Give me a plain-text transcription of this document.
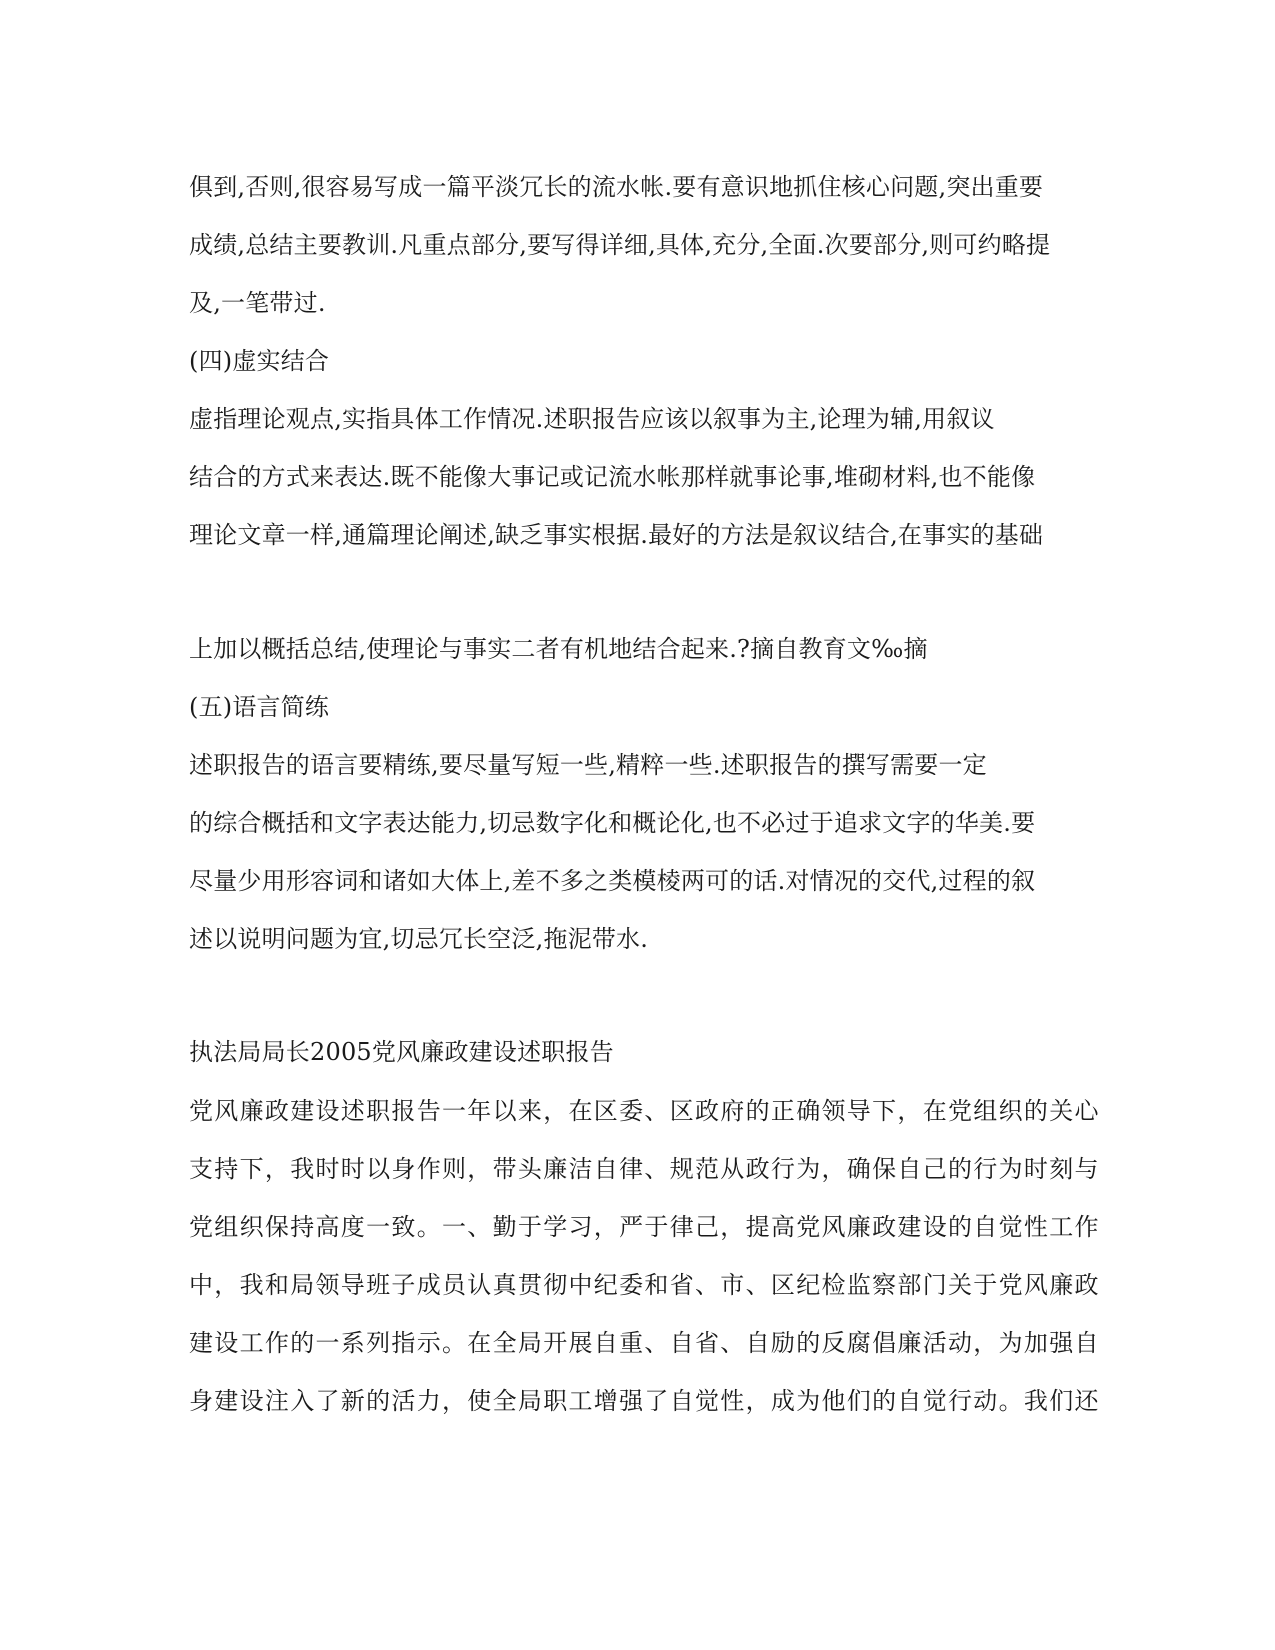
俱到,否则,很容易写成一篇平淡冗长的流水帐.要有意识地抓住核心问题,突出重要
成绩,总结主要教训.凡重点部分,要写得详细,具体,充分,全面.次要部分,则可约略提
及,一笔带过.
(四)虚实结合
虚指理论观点,实指具体工作情况.述职报告应该以叙事为主,论理为辅,用叙议
结合的方式来表达.既不能像大事记或记流水帐那样就事论事,堆砌材料,也不能像
理论文章一样,通篇理论阐述,缺乏事实根据.最好的方法是叙议结合,在事实的基础
上加以概括总结,使理论与事实二者有机地结合起来.?摘自教育文‰摘
(五)语言简练
述职报告的语言要精练,要尽量写短一些,精粹一些.述职报告的撰写需要一定
的综合概括和文字表达能力,切忌数字化和概论化,也不必过于追求文字的华美.要
尽量少用形容词和诸如大体上,差不多之类模棱两可的话.对情况的交代,过程的叙
述以说明问题为宜,切忌冗长空泛,拖泥带水.
执法局局长2005党风廉政建设述职报告
党风廉政建设述职报告一年以来，在区委、区政府的正确领导下，在党组织的关心
支持下，我时时以身作则，带头廉洁自律、规范从政行为，确保自己的行为时刻与
党组织保持高度一致。一、勤于学习，严于律己，提高党风廉政建设的自觉性工作
中，我和局领导班子成员认真贯彻中纪委和省、市、区纪检监察部门关于党风廉政
建设工作的一系列指示。在全局开展自重、自省、自励的反腐倡廉活动，为加强自
身建设注入了新的活力，使全局职工增强了自觉性，成为他们的自觉行动。我们还
